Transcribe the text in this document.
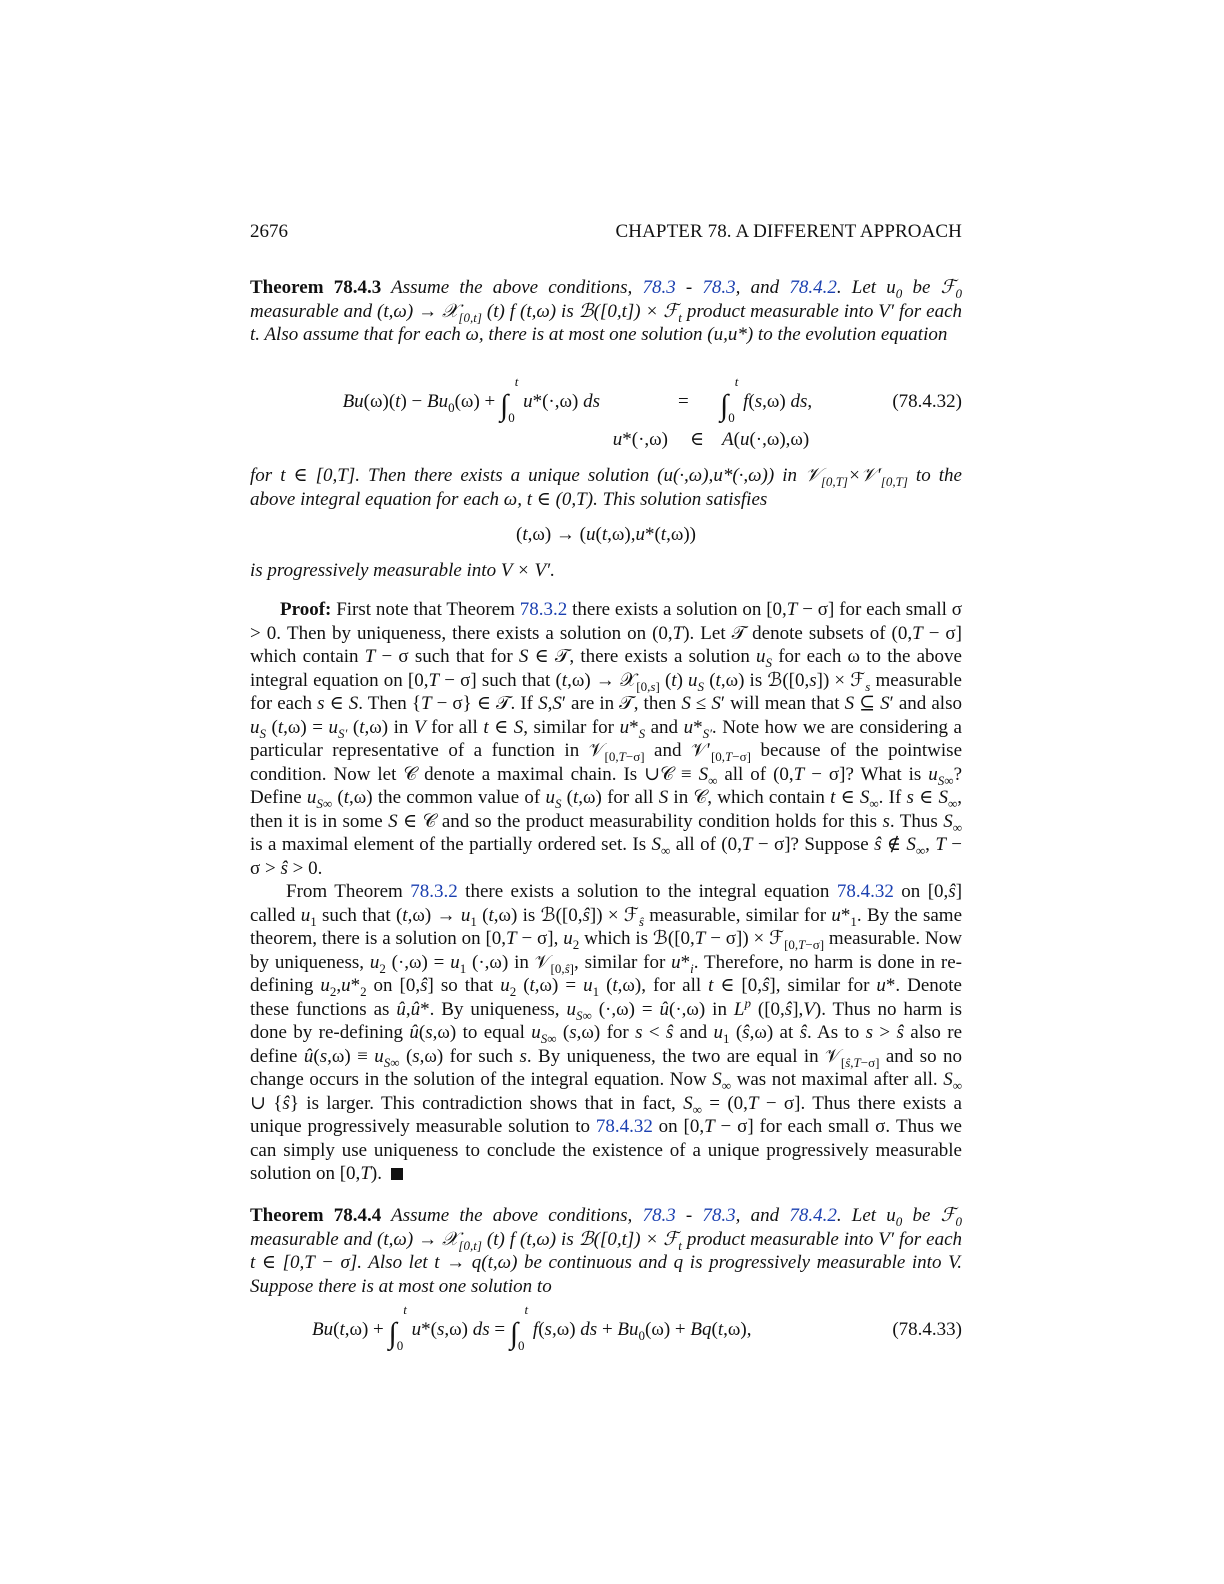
2676	CHAPTER 78. A DIFFERENT APPROACH

Theorem 78.4.3 Assume the above conditions, 78.3 - 78.3, and 78.4.2. Let $u_0$ be ℱ$_0$ measurable and (t,ω) → 𝒳$_{[0,t]}$ (t) f (t,ω) is ℬ([0,t]) × ℱ$_t$ product measurable into V′ for each t. Also assume that for each ω, there is at most one solution (u,u*) to the evolution equation

$Bu(\omega)(t) - Bu_0(\omega) + \int_0^t$ u*(·,ω) ds	= $\int_0^t$ f(s,ω) ds,	(78.4.32)
u*(·,ω) ∈ A(u(·,ω),ω)

for t ∈ [0,T]. Then there exists a unique solution (u(·,ω),u*(·,ω)) in $𝒱_{[0,T]}\times 𝒱'_{[0,T]}$ to the above integral equation for each ω, t ∈ (0,T). This solution satisfies

(t,ω) → (u(t,ω),u*(t,ω))

is progressively measurable into V × V′.

Proof: First note that Theorem 78.3.2 there exists a solution on [0,T − σ] for each small σ > 0. Then by uniqueness, there exists a solution on (0,T). Let 𝒯 denote subsets of (0,T − σ] which contain T − σ such that for S ∈ 𝒯, there exists a solution $u_S$ for each ω to the above integral equation on [0,T − σ] such that (t,ω) → 𝒳$_{[0,s]}$ (t) $u_S$ (t,ω) is ℬ([0,s]) × ℱ$_s$ measurable for each s ∈ S. Then {T − σ} ∈ 𝒯. If S,S′ are in 𝒯, then S ≤ S′ will mean that S ⊆ S′ and also $u_S$ $(t,\omega) = u_{S'}$ (t,ω) in V for all t ∈ S, similar for $u*_S$ and $u*_{S'}$. Note how we are considering a particular representative of a function in 𝒱$_{[0,T-\sigma]}$ and $𝒱'_{[0,T-\sigma]}$ because of the pointwise condition. Now let 𝒞 denote a maximal chain. Is ∪𝒞 ≡ $S_\infty$ all of (0,T − σ]? What is $u_{S\infty}$? Define $u_{S\infty}$ (t,ω) the common value of $u_S$ (t,ω) for all S in 𝒞, which contain t ∈ $S_\infty$. If s ∈ $S_\infty$, then it is in some S ∈ 𝒞 and so the product measurability condition holds for this s. Thus $S_\infty$ is a maximal element of the partially ordered set. Is $S_\infty$ all of (0,T − σ]? Suppose ŝ ∉ $S_\infty$, T − σ > ŝ > 0.

From Theorem 78.3.2 there exists a solution to the integral equation 78.4.32 on [0,ŝ] called $u_1$ such that $(t,\omega) \to u_1$ (t,ω) is ℬ([0,ŝ]) × ℱ$_ŝ$ measurable, similar for $u*_1$. By the same theorem, there is a solution on [0,T − σ], $u_2$ which is ℬ([0,T − σ]) × ℱ$_{[0,T-\sigma]}$ measurable. Now by uniqueness, $u_2$ $(\cdot,\omega) = u_1$ (·,ω) in 𝒱$_{[0,ŝ]}$, similar for $u*_i$. Therefore, no harm is done in re-defining $u_2,u*_2$ on [0,ŝ] so that $u_2$ $(t,\omega) = u_1$ (t,ω), for all t ∈ [0,ŝ], similar for u*. Denote these functions as û,û*. By uniqueness, $u_{S\infty}$ (·,ω) = û(·,ω) in $L^p$ ([0,ŝ],V). Thus no harm is done by re-defining û(s,ω) to equal $u_{S\infty}$ (s,ω) for s < ŝ and $u_1$ (ŝ,ω) at ŝ. As to s > ŝ also re define û(s,ω) ≡ $u_{S\infty}$ (s,ω) for such s. By uniqueness, the two are equal in 𝒱$_{[ŝ,T-\sigma]}$ and so no change occurs in the solution of the integral equation. Now $S_\infty$ was not maximal after all. $S_\infty$ ∪ {ŝ} is larger. This contradiction shows that in fact, $S_\infty = (0,T - \sigma]$. Thus there exists a unique progressively measurable solution to 78.4.32 on [0,T − σ] for each small σ. Thus we can simply use uniqueness to conclude the existence of a unique progressively measurable solution on [0,T).

Theorem 78.4.4 Assume the above conditions, 78.3 - 78.3, and 78.4.2. Let $u_0$ be ℱ$_0$ measurable and (t,ω) → 𝒳$_{[0,t]}$ (t) f (t,ω) is ℬ([0,t]) × ℱ$_t$ product measurable into V′ for each t ∈ [0,T − σ]. Also let t → q(t,ω) be continuous and q is progressively measurable into V. Suppose there is at most one solution to

$Bu(t,\omega) + \int_0^t$ u*(s,ω) ds = $\int_0^t$ f(s,ω) ds + $Bu_0(\omega) + Bq(t,\omega)$,	(78.4.33)
